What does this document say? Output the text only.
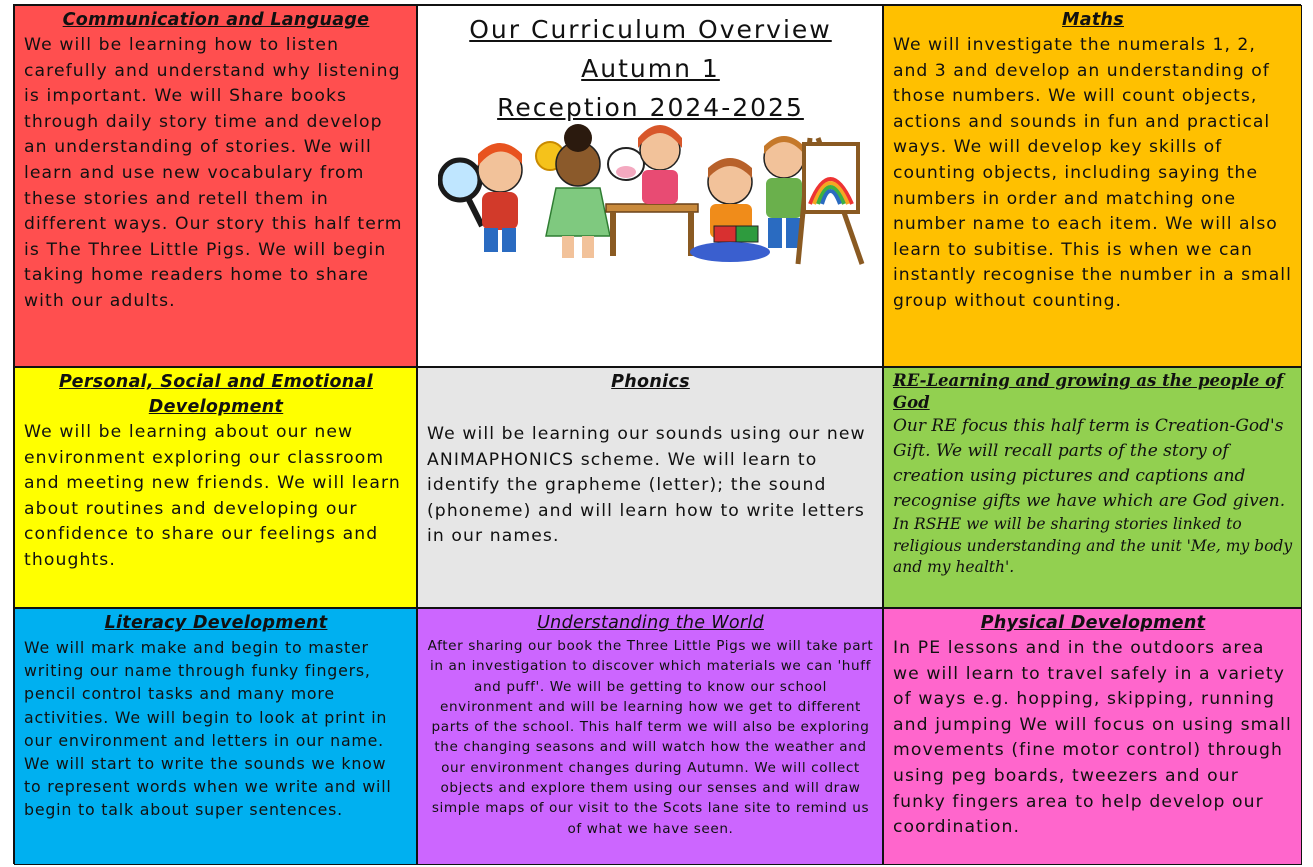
Communication and Language
We will be learning how to listen carefully and understand why listening is important. We will Share books through daily story time and develop an understanding of stories. We will learn and use new vocabulary from these stories and retell them in different ways. Our story this half term is The Three Little Pigs. We will begin taking home readers home to share with our adults.
Our Curriculum Overview
Autumn 1
Reception 2024-2025
Maths
We will investigate the numerals 1, 2, and 3 and develop an understanding of those numbers. We will count objects, actions and sounds in fun and practical ways. We will develop key skills of counting objects, including saying the numbers in order and matching one number name to each item. We will also learn to subitise. This is when we can instantly recognise the number in a small group without counting.
Personal, Social and Emotional Development
We will be learning about our new environment exploring our classroom and meeting new friends. We will learn about routines and developing our confidence to share our feelings and thoughts.
Phonics
We will be learning our sounds using our new ANIMAPHONICS scheme. We will learn to identify the grapheme (letter); the sound (phoneme) and will learn how to write letters in our names.
RE-Learning and growing as the people of God
Our RE focus this half term is Creation-God's Gift. We will recall parts of the story of creation using pictures and captions and recognise gifts we have which are God given.
In RSHE we will be sharing stories linked to religious understanding and the unit 'Me, my body and my health'.
Literacy Development
We will mark make and begin to master writing our name through funky fingers, pencil control tasks and many more activities. We will begin to look at print in our environment and letters in our name. We will start to write the sounds we know to represent words when we write and will begin to talk about super sentences.
Understanding the World
After sharing our book the Three Little Pigs we will take part in an investigation to discover which materials we can 'huff and puff'. We will be getting to know our school environment and will be learning how we get to different parts of the school. This half term we will also be exploring the changing seasons and will watch how the weather and our environment changes during Autumn. We will collect objects and explore them using our senses and will draw simple maps of our visit to the Scots lane site to remind us of what we have seen.
Physical Development
In PE lessons and in the outdoors area we will learn to travel safely in a variety of ways e.g. hopping, skipping, running and jumping We will focus on using small movements (fine motor control) through using peg boards, tweezers and our funky fingers area to help develop our coordination.
